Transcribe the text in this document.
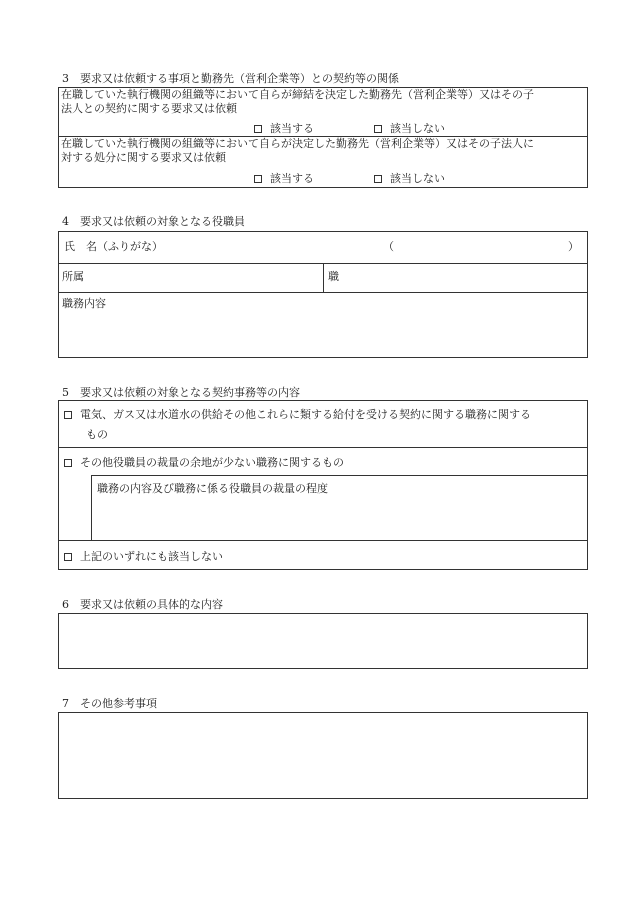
3　要求又は依頼する事項と勤務先（営利企業等）との契約等の関係
在職していた執行機関の組織等において自らが締結を決定した勤務先（営利企業等）又はその子
法人との契約に関する要求又は依頼
該当する	該当しない
在職していた執行機関の組織等において自らが決定した勤務先（営利企業等）又はその子法人に
対する処分に関する要求又は依頼
該当する	該当しない
4　要求又は依頼の対象となる役職員
氏　名（ふりがな）	（	）
所属	職
職務内容
5　要求又は依頼の対象となる契約事務等の内容
電気、ガス又は水道水の供給その他これらに類する給付を受ける契約に関する職務に関する
もの
その他役職員の裁量の余地が少ない職務に関するもの
職務の内容及び職務に係る役職員の裁量の程度
上記のいずれにも該当しない
6　要求又は依頼の具体的な内容
7　その他参考事項
